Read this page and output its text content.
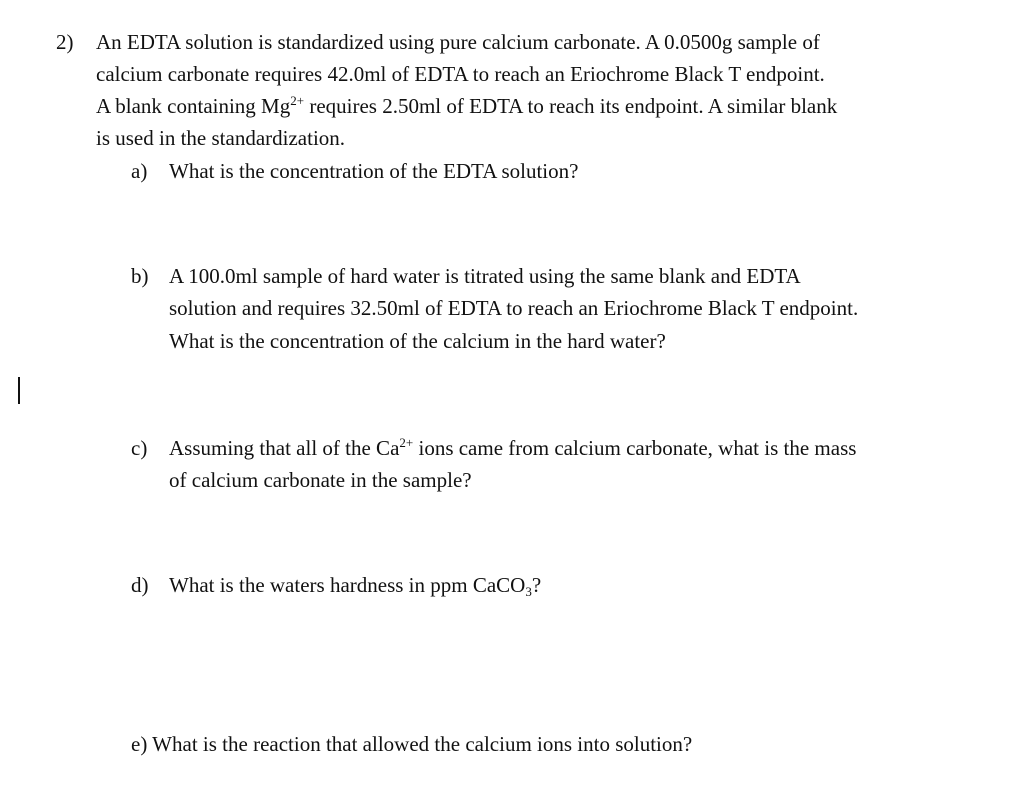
2) An EDTA solution is standardized using pure calcium carbonate. A 0.0500g sample of
calcium carbonate requires 42.0ml of EDTA to reach an Eriochrome Black T endpoint.
A blank containing $Mg^{2+}$ requires 2.50ml of EDTA to reach its endpoint. A similar blank
is used in the standardization.
a) What is the concentration of the EDTA solution?
b) A 100.0ml sample of hard water is titrated using the same blank and EDTA
solution and requires 32.50ml of EDTA to reach an Eriochrome Black T endpoint.
What is the concentration of the calcium in the hard water?
c) Assuming that all of the $Ca^{2+}$ ions came from calcium carbonate, what is the mass
of calcium carbonate in the sample?
d) What is the waters hardness in ppm CaCO$_3$?
e) What is the reaction that allowed the calcium ions into solution?
